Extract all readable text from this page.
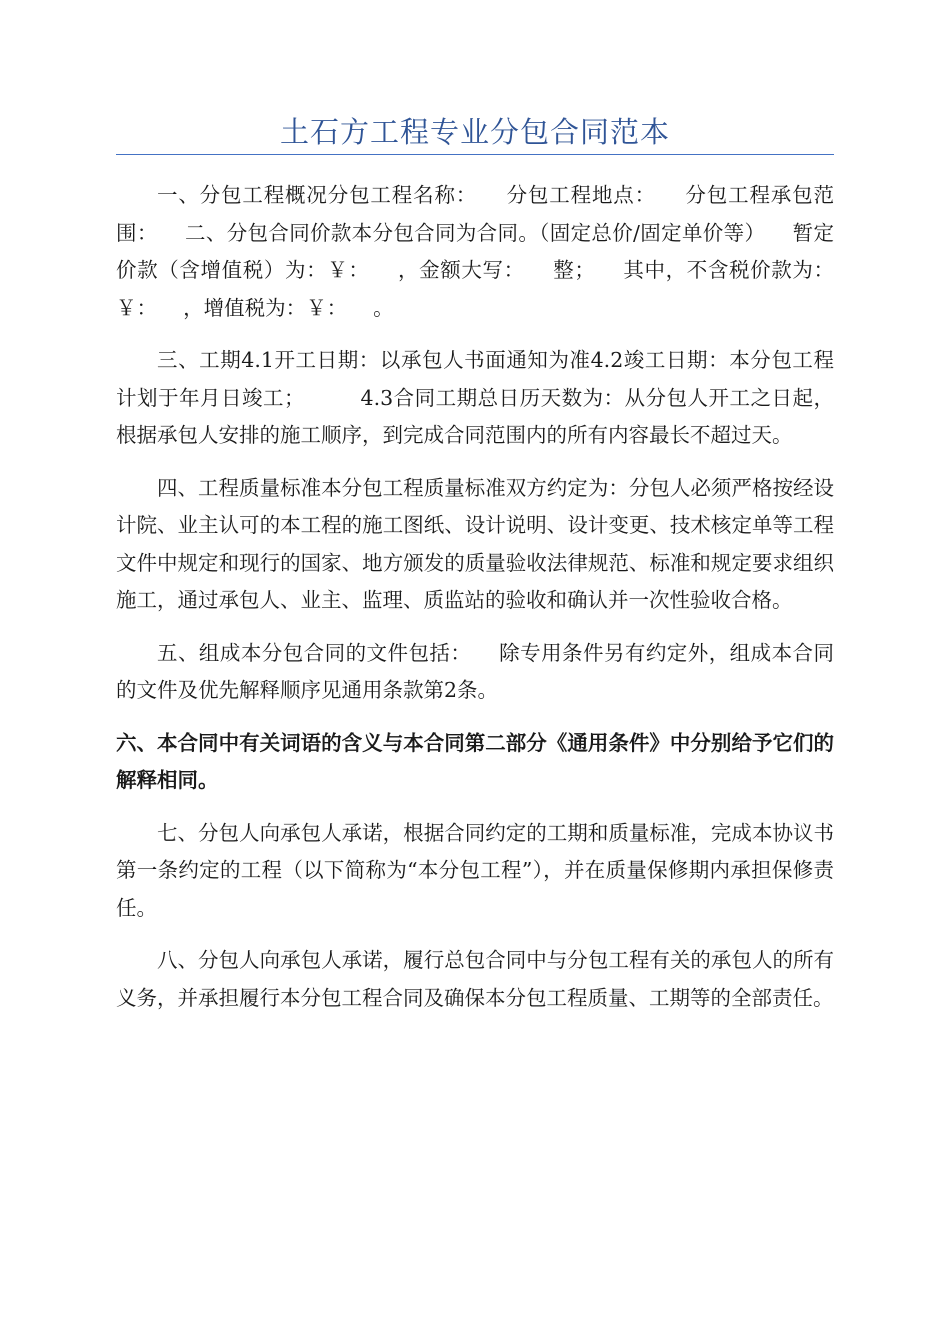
土石方工程专业分包合同范本

一、分包工程概况分包工程名称：    分包工程地点：    分包工程承包范围：    二、分包合同价款本分包合同为合同。（固定总价/固定单价等）    暂定价款（含增值税）为：￥：    ，金额大写：    整；    其中，不含税价款为：￥：    ，增值税为：￥：    。

三、工期4.1开工日期：以承包人书面通知为准4.2竣工日期：本分包工程计划于年月日竣工；        4.3合同工期总日历天数为：从分包人开工之日起，根据承包人安排的施工顺序，到完成合同范围内的所有内容最长不超过天。

四、工程质量标准本分包工程质量标准双方约定为：分包人必须严格按经设计院、业主认可的本工程的施工图纸、设计说明、设计变更、技术核定单等工程文件中规定和现行的国家、地方颁发的质量验收法律规范、标准和规定要求组织施工，通过承包人、业主、监理、质监站的验收和确认并一次性验收合格。

五、组成本分包合同的文件包括：    除专用条件另有约定外，组成本合同的文件及优先解释顺序见通用条款第2条。

六、本合同中有关词语的含义与本合同第二部分《通用条件》中分别给予它们的解释相同。

七、分包人向承包人承诺，根据合同约定的工期和质量标准，完成本协议书第一条约定的工程（以下简称为“本分包工程”），并在质量保修期内承担保修责任。

八、分包人向承包人承诺，履行总包合同中与分包工程有关的承包人的所有义务，并承担履行本分包工程合同及确保本分包工程质量、工期等的全部责任。
